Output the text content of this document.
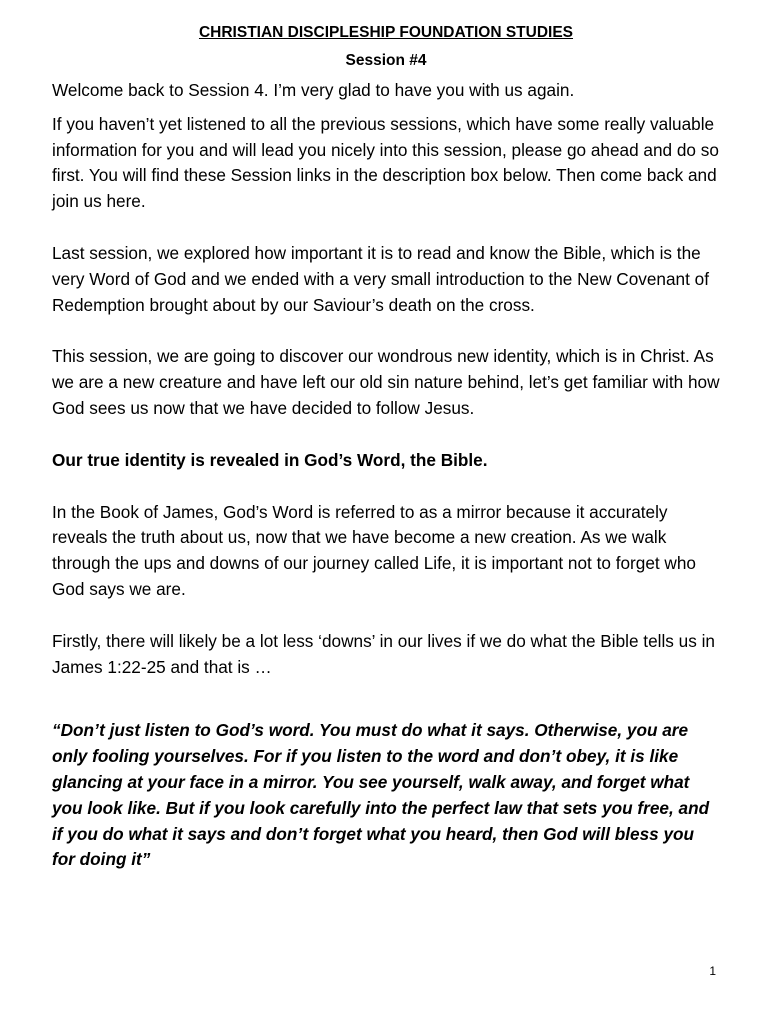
CHRISTIAN DISCIPLESHIP FOUNDATION STUDIES
Session #4

Welcome back to Session 4. I’m very glad to have you with us again.

If you haven’t yet listened to all the previous sessions, which have some really valuable information for you and will lead you nicely into this session, please go ahead and do so first. You will find these Session links in the description box below. Then come back and join us here.

Last session, we explored how important it is to read and know the Bible, which is the very Word of God and we ended with a very small introduction to the New Covenant of Redemption brought about by our Saviour’s death on the cross.

This session, we are going to discover our wondrous new identity, which is in Christ. As we are a new creature and have left our old sin nature behind, let’s get familiar with how God sees us now that we have decided to follow Jesus.

Our true identity is revealed in God’s Word, the Bible.

In the Book of James, God’s Word is referred to as a mirror because it accurately reveals the truth about us, now that we have become a new creation. As we walk through the ups and downs of our journey called Life, it is important not to forget who God says we are.

Firstly, there will likely be a lot less ‘downs’ in our lives if we do what the Bible tells us in James 1:22-25 and that is …

“Don’t just listen to God’s word. You must do what it says. Otherwise, you are only fooling yourselves. For if you listen to the word and don’t obey, it is like glancing at your face in a mirror. You see yourself, walk away, and forget what you look like. But if you look carefully into the perfect law that sets you free, and if you do what it says and don’t forget what you heard, then God will bless you for doing it”

1
